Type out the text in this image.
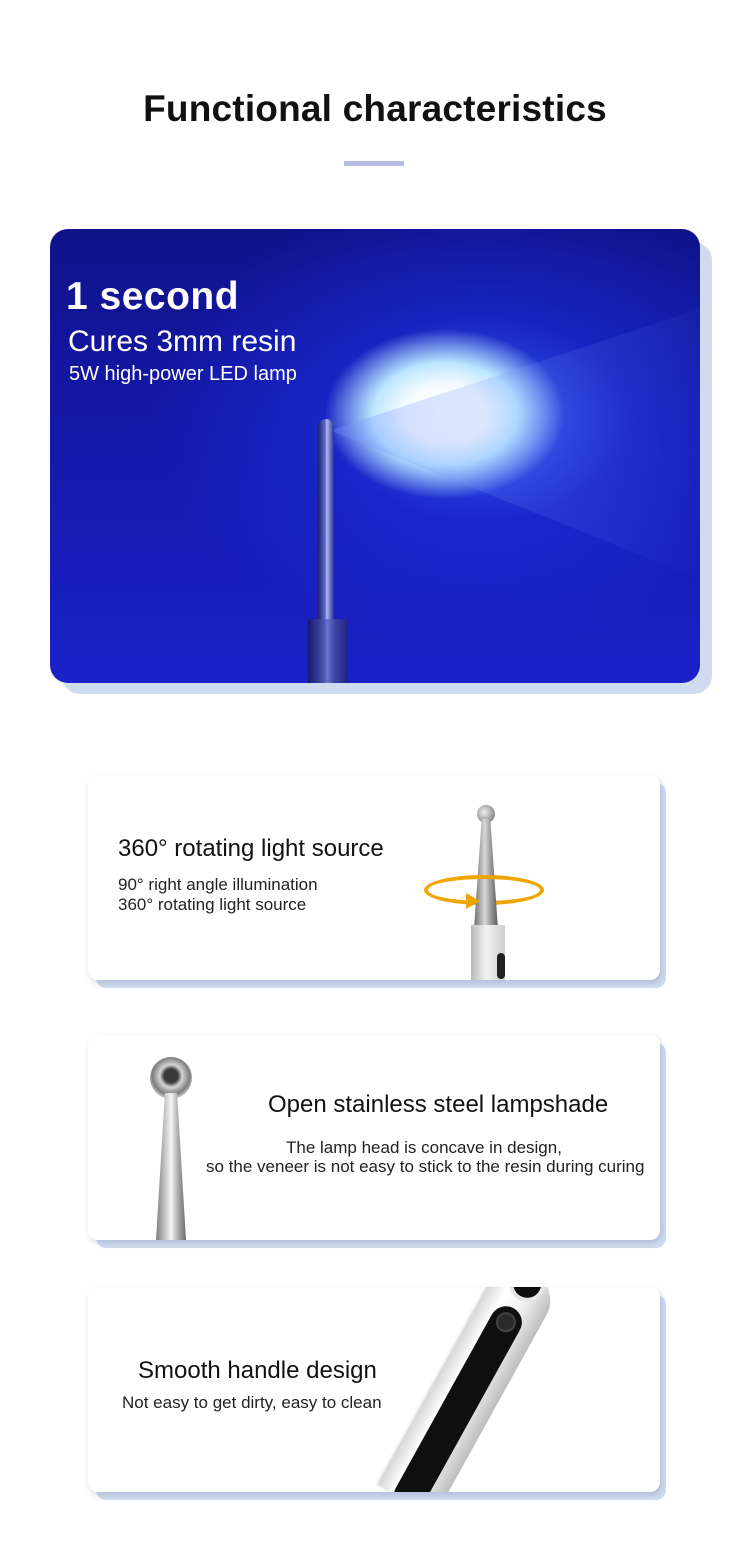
Functional characteristics
1 second
Cures 3mm resin
5W high-power LED lamp
360° rotating light source
90° right angle illumination
360° rotating light source
Open stainless steel lampshade
The lamp head is concave in design,
so the veneer is not easy to stick to the resin during curing
Smooth handle design
Not easy to get dirty, easy to clean
